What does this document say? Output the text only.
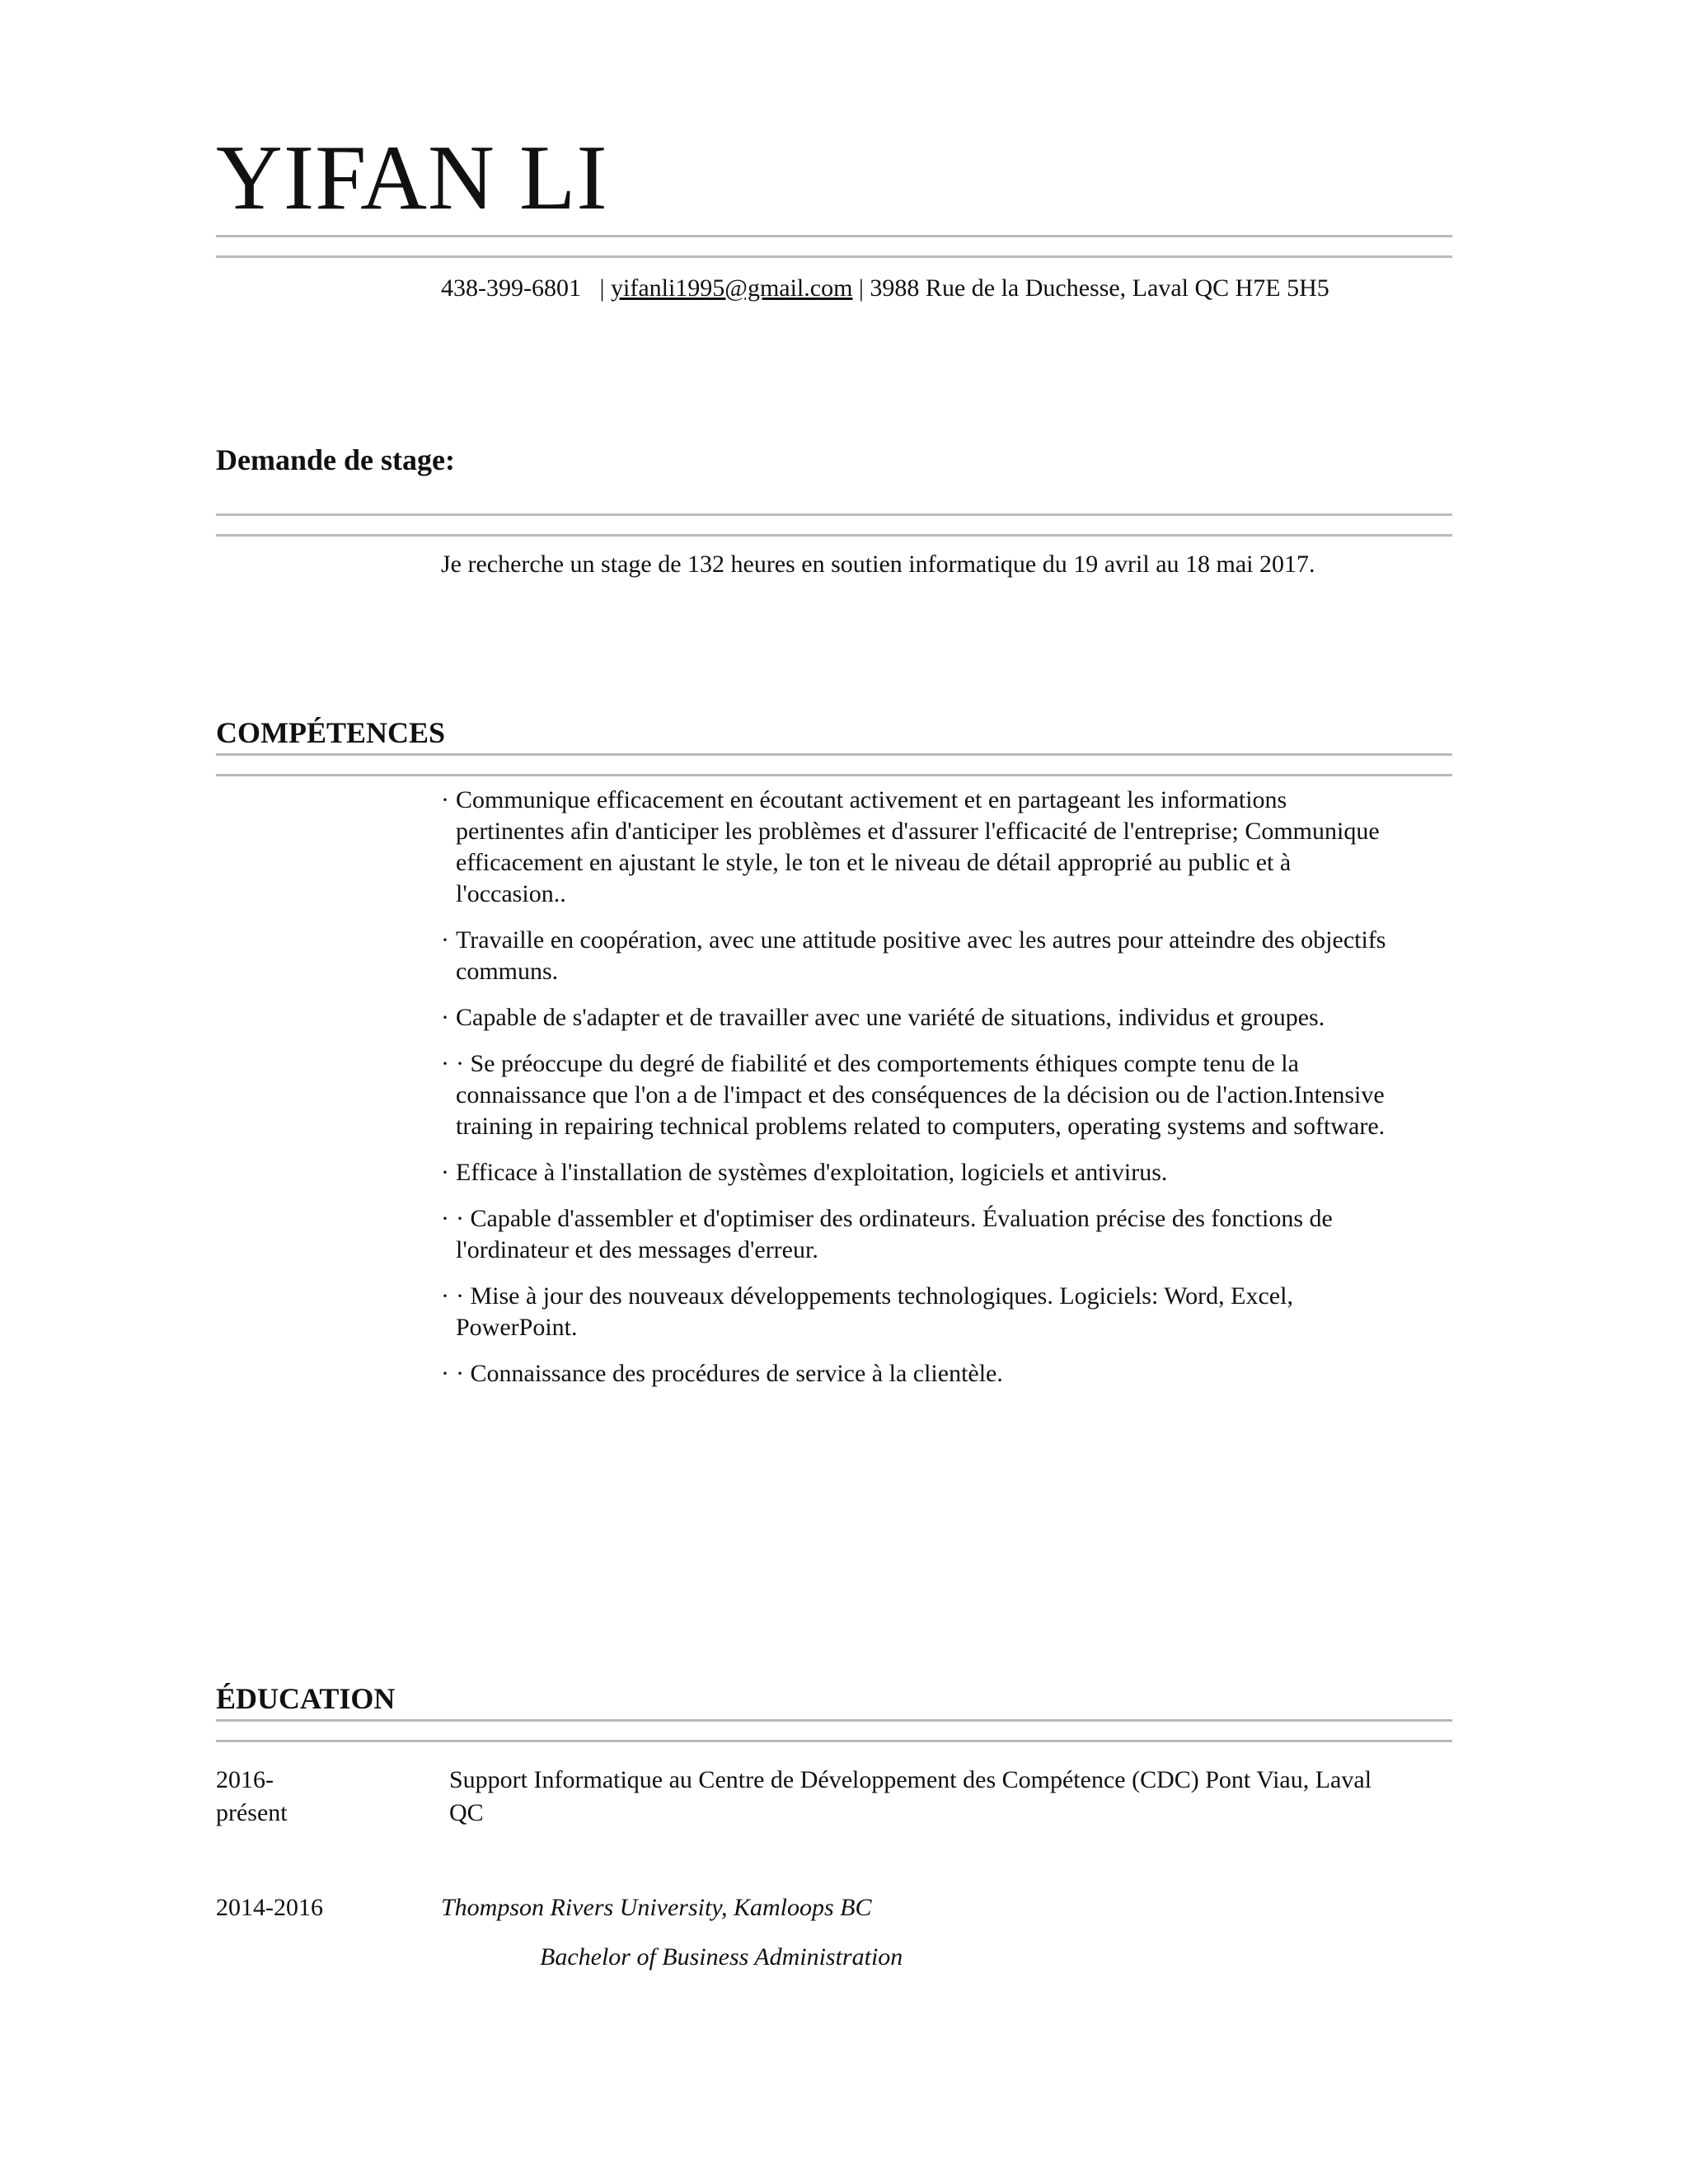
YIFAN LI
438-399-6801 | yifanli1995@gmail.com | 3988 Rue de la Duchesse, Laval QC H7E 5H5
Demande de stage:
Je recherche un stage de 132 heures en soutien informatique du 19 avril au 18 mai 2017.
COMPÉTENCES
· Communique efficacement en écoutant activement et en partageant les informations pertinentes afin d'anticiper les problèmes et d'assurer l'efficacité de l'entreprise; Communique efficacement en ajustant le style, le ton et le niveau de détail approprié au public et à l'occasion..
· Travaille en coopération, avec une attitude positive avec les autres pour atteindre des objectifs communs.
· Capable de s'adapter et de travailler avec une variété de situations, individus et groupes.
· · Se préoccupe du degré de fiabilité et des comportements éthiques compte tenu de la connaissance que l'on a de l'impact et des conséquences de la décision ou de l'action.Intensive training in repairing technical problems related to computers, operating systems and software.
· Efficace à l'installation de systèmes d'exploitation, logiciels et antivirus.
· · Capable d'assembler et d'optimiser des ordinateurs. Évaluation précise des fonctions de l'ordinateur et des messages d'erreur.
· · Mise à jour des nouveaux développements technologiques. Logiciels: Word, Excel, PowerPoint.
· · Connaissance des procédures de service à la clientèle.
ÉDUCATION
2016-
présent
Support Informatique au Centre de Développement des Compétence (CDC) Pont Viau, Laval QC
2014-2016	Thompson Rivers University, Kamloops BC
Bachelor of Business Administration
